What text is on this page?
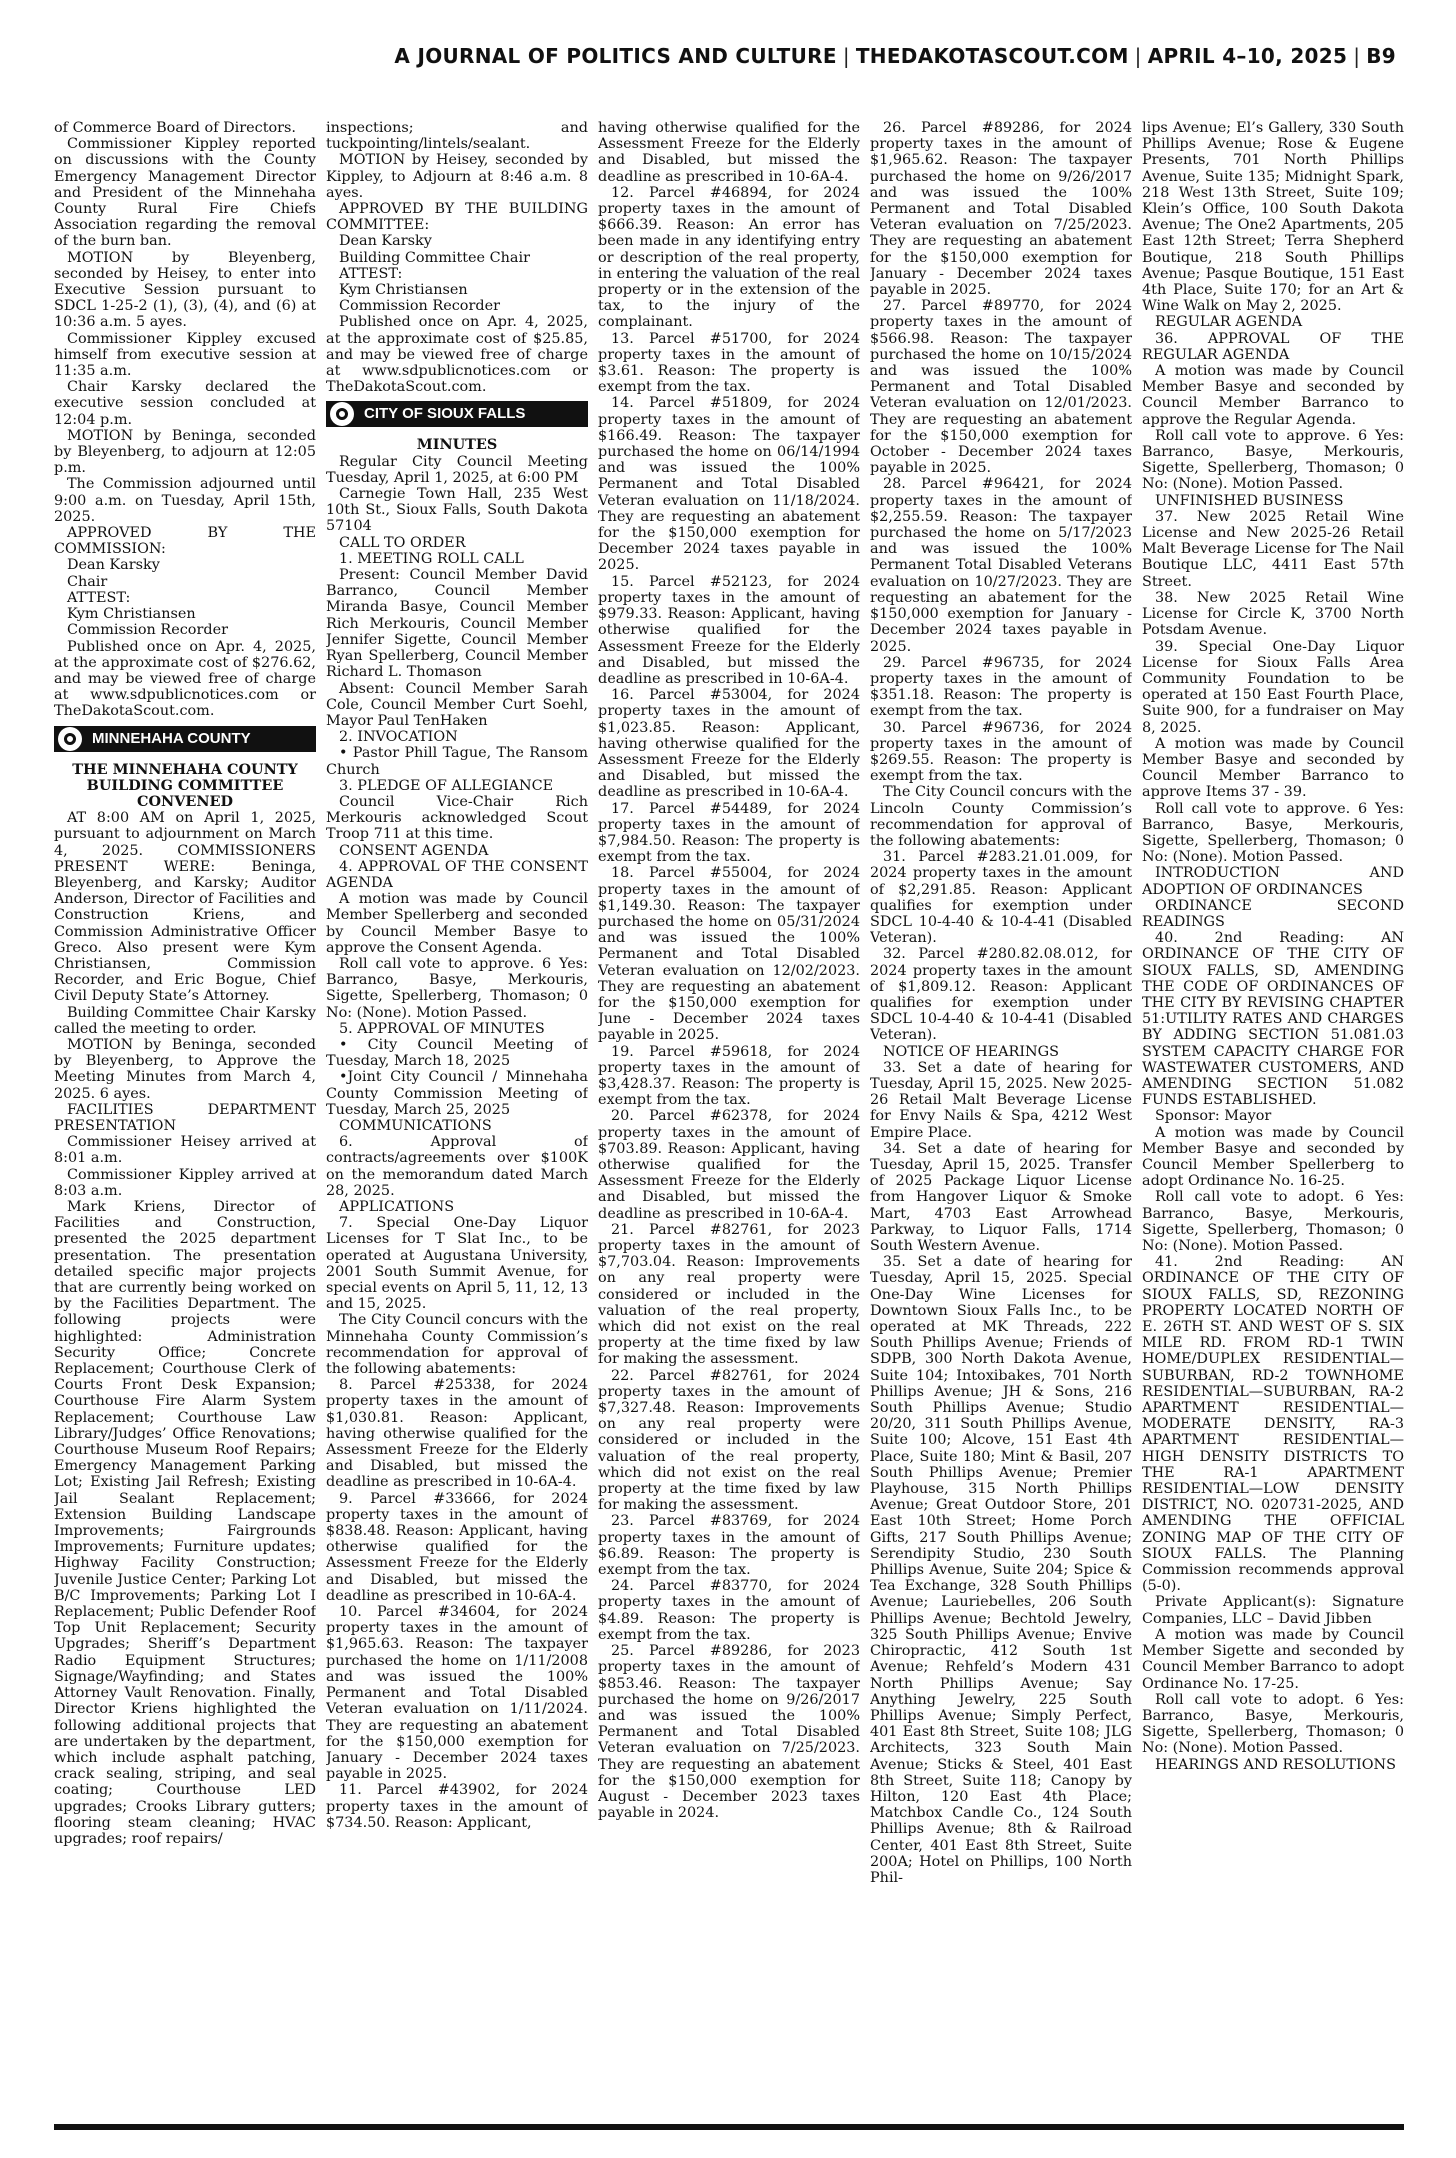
A JOURNAL OF POLITICS AND CULTURE | THEDAKOTASCOUT.COM | APRIL 4–10, 2025 | B9

of Commerce Board of Directors.

Commissioner Kippley reported on discussions with the County Emergency Management Director and President of the Minnehaha County Rural Fire Chiefs Association regarding the removal of the burn ban.

MOTION by Bleyenberg, seconded by Heisey, to enter into Executive Session pursuant to SDCL 1-25-2 (1), (3), (4), and (6) at 10:36 a.m. 5 ayes.

Commissioner Kippley excused himself from executive session at 11:35 a.m.

Chair Karsky declared the executive session concluded at 12:04 p.m.

MOTION by Beninga, seconded by Bleyenberg, to adjourn at 12:05 p.m.

The Commission adjourned until 9:00 a.m. on Tuesday, April 15th, 2025.

APPROVED BY THE COMMISSION:

Dean Karsky

Chair

ATTEST:

Kym Christiansen

Commission Recorder

Published once on Apr. 4, 2025, at the approximate cost of $276.62, and may be viewed free of charge at www.sdpublicnotices.com or TheDakotaScout.com.

MINNEHAHA COUNTY

THE MINNEHAHA COUNTY BUILDING COMMITTEE CONVENED

AT 8:00 AM on April 1, 2025, pursuant to adjournment on March 4, 2025. COMMISSIONERS PRESENT WERE: Beninga, Bleyenberg, and Karsky; Auditor Anderson, Director of Facilities and Construction Kriens, and Commission Administrative Officer Greco. Also present were Kym Christiansen, Commission Recorder, and Eric Bogue, Chief Civil Deputy State’s Attorney.

Building Committee Chair Karsky called the meeting to order.

MOTION by Beninga, seconded by Bleyenberg, to Approve the Meeting Minutes from March 4, 2025. 6 ayes.

FACILITIES DEPARTMENT PRESENTATION

Commissioner Heisey arrived at 8:01 a.m.

Commissioner Kippley arrived at 8:03 a.m.

Mark Kriens, Director of Facilities and Construction, presented the 2025 department presentation. The presentation detailed specific major projects that are currently being worked on by the Facilities Department. The following projects were highlighted: Administration Security Office; Concrete Replacement; Courthouse Clerk of Courts Front Desk Expansion; Courthouse Fire Alarm System Replacement; Courthouse Law Library/Judges’ Office Renovations; Courthouse Museum Roof Repairs; Emergency Management Parking Lot; Existing Jail Refresh; Existing Jail Sealant Replacement; Extension Building Landscape Improvements; Fairgrounds Improvements; Furniture updates; Highway Facility Construction; Juvenile Justice Center; Parking Lot B/C Improvements; Parking Lot I Replacement; Public Defender Roof Top Unit Replacement; Security Upgrades; Sheriff’s Department Radio Equipment Structures; Signage/Wayfinding; and States Attorney Vault Renovation. Finally, Director Kriens highlighted the following additional projects that are undertaken by the department, which include asphalt patching, crack sealing, striping, and seal coating; Courthouse LED upgrades; Crooks Library gutters; flooring steam cleaning; HVAC upgrades; roof repairs/

inspections; and tuckpointing/lintels/sealant.

MOTION by Heisey, seconded by Kippley, to Adjourn at 8:46 a.m. 8 ayes.

APPROVED BY THE BUILDING COMMITTEE:

Dean Karsky

Building Committee Chair

ATTEST:

Kym Christiansen

Commission Recorder

Published once on Apr. 4, 2025, at the approximate cost of $25.85, and may be viewed free of charge at www.sdpublicnotices.com or TheDakotaScout.com.

CITY OF SIOUX FALLS

MINUTES

Regular City Council Meeting Tuesday, April 1, 2025, at 6:00 PM

Carnegie Town Hall, 235 West 10th St., Sioux Falls, South Dakota 57104

CALL TO ORDER

1. MEETING ROLL CALL

Present: Council Member David Barranco, Council Member Miranda Basye, Council Member Rich Merkouris, Council Member Jennifer Sigette, Council Member Ryan Spellerberg, Council Member Richard L. Thomason

Absent: Council Member Sarah Cole, Council Member Curt Soehl, Mayor Paul TenHaken

2. INVOCATION

• Pastor Phill Tague, The Ransom Church

3. PLEDGE OF ALLEGIANCE

Council Vice-Chair Rich Merkouris acknowledged Scout Troop 711 at this time.

CONSENT AGENDA

4. APPROVAL OF THE CONSENT AGENDA

A motion was made by Council Member Spellerberg and seconded by Council Member Basye to approve the Consent Agenda.

Roll call vote to approve. 6 Yes: Barranco, Basye, Merkouris, Sigette, Spellerberg, Thomason; 0 No: (None). Motion Passed.

5. APPROVAL OF MINUTES

• City Council Meeting of Tuesday, March 18, 2025

•Joint City Council / Minnehaha County Commission Meeting of Tuesday, March 25, 2025

COMMUNICATIONS

6. Approval of contracts/agreements over $100K on the memorandum dated March 28, 2025.

APPLICATIONS

7. Special One-Day Liquor Licenses for T Slat Inc., to be operated at Augustana University, 2001 South Summit Avenue, for special events on April 5, 11, 12, 13 and 15, 2025.

The City Council concurs with the Minnehaha County Commission’s recommendation for approval of the following abatements:

8. Parcel #25338, for 2024 property taxes in the amount of $1,030.81. Reason: Applicant, having otherwise qualified for the Assessment Freeze for the Elderly and Disabled, but missed the deadline as prescribed in 10-6A-4.

9. Parcel #33666, for 2024 property taxes in the amount of $838.48. Reason: Applicant, having otherwise qualified for the Assessment Freeze for the Elderly and Disabled, but missed the deadline as prescribed in 10-6A-4.

10. Parcel #34604, for 2024 property taxes in the amount of $1,965.63. Reason: The taxpayer purchased the home on 1/11/2008 and was issued the 100% Permanent and Total Disabled Veteran evaluation on 1/11/2024. They are requesting an abatement for the $150,000 exemption for January - December 2024 taxes payable in 2025.

11. Parcel #43902, for 2024 property taxes in the amount of $734.50. Reason: Applicant,

having otherwise qualified for the Assessment Freeze for the Elderly and Disabled, but missed the deadline as prescribed in 10-6A-4.

12. Parcel #46894, for 2024 property taxes in the amount of $666.39. Reason: An error has been made in any identifying entry or description of the real property, in entering the valuation of the real property or in the extension of the tax, to the injury of the complainant.

13. Parcel #51700, for 2024 property taxes in the amount of $3.61. Reason: The property is exempt from the tax.

14. Parcel #51809, for 2024 property taxes in the amount of $166.49. Reason: The taxpayer purchased the home on 06/14/1994 and was issued the 100% Permanent and Total Disabled Veteran evaluation on 11/18/2024. They are requesting an abatement for the $150,000 exemption for December 2024 taxes payable in 2025.

15. Parcel #52123, for 2024 property taxes in the amount of $979.33. Reason: Applicant, having otherwise qualified for the Assessment Freeze for the Elderly and Disabled, but missed the deadline as prescribed in 10-6A-4.

16. Parcel #53004, for 2024 property taxes in the amount of $1,023.85. Reason: Applicant, having otherwise qualified for the Assessment Freeze for the Elderly and Disabled, but missed the deadline as prescribed in 10-6A-4.

17. Parcel #54489, for 2024 property taxes in the amount of $7,984.50. Reason: The property is exempt from the tax.

18. Parcel #55004, for 2024 property taxes in the amount of $1,149.30. Reason: The taxpayer purchased the home on 05/31/2024 and was issued the 100% Permanent and Total Disabled Veteran evaluation on 12/02/2023. They are requesting an abatement for the $150,000 exemption for June - December 2024 taxes payable in 2025.

19. Parcel #59618, for 2024 property taxes in the amount of $3,428.37. Reason: The property is exempt from the tax.

20. Parcel #62378, for 2024 property taxes in the amount of $703.89. Reason: Applicant, having otherwise qualified for the Assessment Freeze for the Elderly and Disabled, but missed the deadline as prescribed in 10-6A-4.

21. Parcel #82761, for 2023 property taxes in the amount of $7,703.04. Reason: Improvements on any real property were considered or included in the valuation of the real property, which did not exist on the real property at the time fixed by law for making the assessment.

22. Parcel #82761, for 2024 property taxes in the amount of $7,327.48. Reason: Improvements on any real property were considered or included in the valuation of the real property, which did not exist on the real property at the time fixed by law for making the assessment.

23. Parcel #83769, for 2024 property taxes in the amount of $6.89. Reason: The property is exempt from the tax.

24. Parcel #83770, for 2024 property taxes in the amount of $4.89. Reason: The property is exempt from the tax.

25. Parcel #89286, for 2023 property taxes in the amount of $853.46. Reason: The taxpayer purchased the home on 9/26/2017 and was issued the 100% Permanent and Total Disabled Veteran evaluation on 7/25/2023. They are requesting an abatement for the $150,000 exemption for August - December 2023 taxes payable in 2024.

26. Parcel #89286, for 2024 property taxes in the amount of $1,965.62. Reason: The taxpayer purchased the home on 9/26/2017 and was issued the 100% Permanent and Total Disabled Veteran evaluation on 7/25/2023. They are requesting an abatement for the $150,000 exemption for January - December 2024 taxes payable in 2025.

27. Parcel #89770, for 2024 property taxes in the amount of $566.98. Reason: The taxpayer purchased the home on 10/15/2024 and was issued the 100% Permanent and Total Disabled Veteran evaluation on 12/01/2023. They are requesting an abatement for the $150,000 exemption for October - December 2024 taxes payable in 2025.

28. Parcel #96421, for 2024 property taxes in the amount of $2,255.59. Reason: The taxpayer purchased the home on 5/17/2023 and was issued the 100% Permanent Total Disabled Veterans evaluation on 10/27/2023. They are requesting an abatement for the $150,000 exemption for January - December 2024 taxes payable in 2025.

29. Parcel #96735, for 2024 property taxes in the amount of $351.18. Reason: The property is exempt from the tax.

30. Parcel #96736, for 2024 property taxes in the amount of $269.55. Reason: The property is exempt from the tax.

The City Council concurs with the Lincoln County Commission’s recommendation for approval of the following abatements:

31. Parcel #283.21.01.009, for 2024 property taxes in the amount of $2,291.85. Reason: Applicant qualifies for exemption under SDCL 10-4-40 & 10-4-41 (Disabled Veteran).

32. Parcel #280.82.08.012, for 2024 property taxes in the amount of $1,809.12. Reason: Applicant qualifies for exemption under SDCL 10-4-40 & 10-4-41 (Disabled Veteran).

NOTICE OF HEARINGS

33. Set a date of hearing for Tuesday, April 15, 2025. New 2025-26 Retail Malt Beverage License for Envy Nails & Spa, 4212 West Empire Place.

34. Set a date of hearing for Tuesday, April 15, 2025. Transfer of 2025 Package Liquor License from Hangover Liquor & Smoke Mart, 4703 East Arrowhead Parkway, to Liquor Falls, 1714 South Western Avenue.

35. Set a date of hearing for Tuesday, April 15, 2025. Special One-Day Wine Licenses for Downtown Sioux Falls Inc., to be operated at MK Threads, 222 South Phillips Avenue; Friends of SDPB, 300 North Dakota Avenue, Suite 104; Intoxibakes, 701 North Phillips Avenue; JH & Sons, 216 South Phillips Avenue; Studio 20/20, 311 South Phillips Avenue, Suite 100; Alcove, 151 East 4th Place, Suite 180; Mint & Basil, 207 South Phillips Avenue; Premier Playhouse, 315 North Phillips Avenue; Great Outdoor Store, 201 East 10th Street; Home Porch Gifts, 217 South Phillips Avenue; Serendipity Studio, 230 South Phillips Avenue, Suite 204; Spice & Tea Exchange, 328 South Phillips Avenue; Lauriebelles, 206 South Phillips Avenue; Bechtold Jewelry, 325 South Phillips Avenue; Envive Chiropractic, 412 South 1st Avenue; Rehfeld’s Modern 431 North Phillips Avenue; Say Anything Jewelry, 225 South Phillips Avenue; Simply Perfect, 401 East 8th Street, Suite 108; JLG Architects, 323 South Main Avenue; Sticks & Steel, 401 East 8th Street, Suite 118; Canopy by Hilton, 120 East 4th Place; Matchbox Candle Co., 124 South Phillips Avenue; 8th & Railroad Center, 401 East 8th Street, Suite 200A; Hotel on Phillips, 100 North Phil-

lips Avenue; El’s Gallery, 330 South Phillips Avenue; Rose & Eugene Presents, 701 North Phillips Avenue, Suite 135; Midnight Spark, 218 West 13th Street, Suite 109; Klein’s Office, 100 South Dakota Avenue; The One2 Apartments, 205 East 12th Street; Terra Shepherd Boutique, 218 South Phillips Avenue; Pasque Boutique, 151 East 4th Place, Suite 170; for an Art & Wine Walk on May 2, 2025.

REGULAR AGENDA

36. APPROVAL OF THE REGULAR AGENDA

A motion was made by Council Member Basye and seconded by Council Member Barranco to approve the Regular Agenda.

Roll call vote to approve. 6 Yes: Barranco, Basye, Merkouris, Sigette, Spellerberg, Thomason; 0 No: (None). Motion Passed.

UNFINISHED BUSINESS

37. New 2025 Retail Wine License and New 2025-26 Retail Malt Beverage License for The Nail Boutique LLC, 4411 East 57th Street.

38. New 2025 Retail Wine License for Circle K, 3700 North Potsdam Avenue.

39. Special One-Day Liquor License for Sioux Falls Area Community Foundation to be operated at 150 East Fourth Place, Suite 900, for a fundraiser on May 8, 2025.

A motion was made by Council Member Basye and seconded by Council Member Barranco to approve Items 37 - 39.

Roll call vote to approve. 6 Yes: Barranco, Basye, Merkouris, Sigette, Spellerberg, Thomason; 0 No: (None). Motion Passed.

INTRODUCTION AND ADOPTION OF ORDINANCES

ORDINANCE SECOND READINGS

40. 2nd Reading: AN ORDINANCE OF THE CITY OF SIOUX FALLS, SD, AMENDING THE CODE OF ORDINANCES OF THE CITY BY REVISING CHAPTER 51:UTILITY RATES AND CHARGES BY ADDING SECTION 51.081.03 SYSTEM CAPACITY CHARGE FOR WASTEWATER CUSTOMERS, AND AMENDING SECTION 51.082 FUNDS ESTABLISHED.

Sponsor: Mayor

A motion was made by Council Member Basye and seconded by Council Member Spellerberg to adopt Ordinance No. 16-25.

Roll call vote to adopt. 6 Yes: Barranco, Basye, Merkouris, Sigette, Spellerberg, Thomason; 0 No: (None). Motion Passed.

41. 2nd Reading: AN ORDINANCE OF THE CITY OF SIOUX FALLS, SD, REZONING PROPERTY LOCATED NORTH OF E. 26TH ST. AND WEST OF S. SIX MILE RD. FROM RD-1 TWIN HOME/DUPLEX RESIDENTIAL—SUBURBAN, RD-2 TOWNHOME RESIDENTIAL—SUBURBAN, RA-2 APARTMENT RESIDENTIAL—MODERATE DENSITY, RA-3 APARTMENT RESIDENTIAL—HIGH DENSITY DISTRICTS TO THE RA-1 APARTMENT RESIDENTIAL—LOW DENSITY DISTRICT, NO. 020731-2025, AND AMENDING THE OFFICIAL ZONING MAP OF THE CITY OF SIOUX FALLS. The Planning Commission recommends approval (5-0).

Private Applicant(s): Signature Companies, LLC – David Jibben

A motion was made by Council Member Sigette and seconded by Council Member Barranco to adopt Ordinance No. 17-25.

Roll call vote to adopt. 6 Yes: Barranco, Basye, Merkouris, Sigette, Spellerberg, Thomason; 0 No: (None). Motion Passed.

HEARINGS AND RESOLUTIONS
